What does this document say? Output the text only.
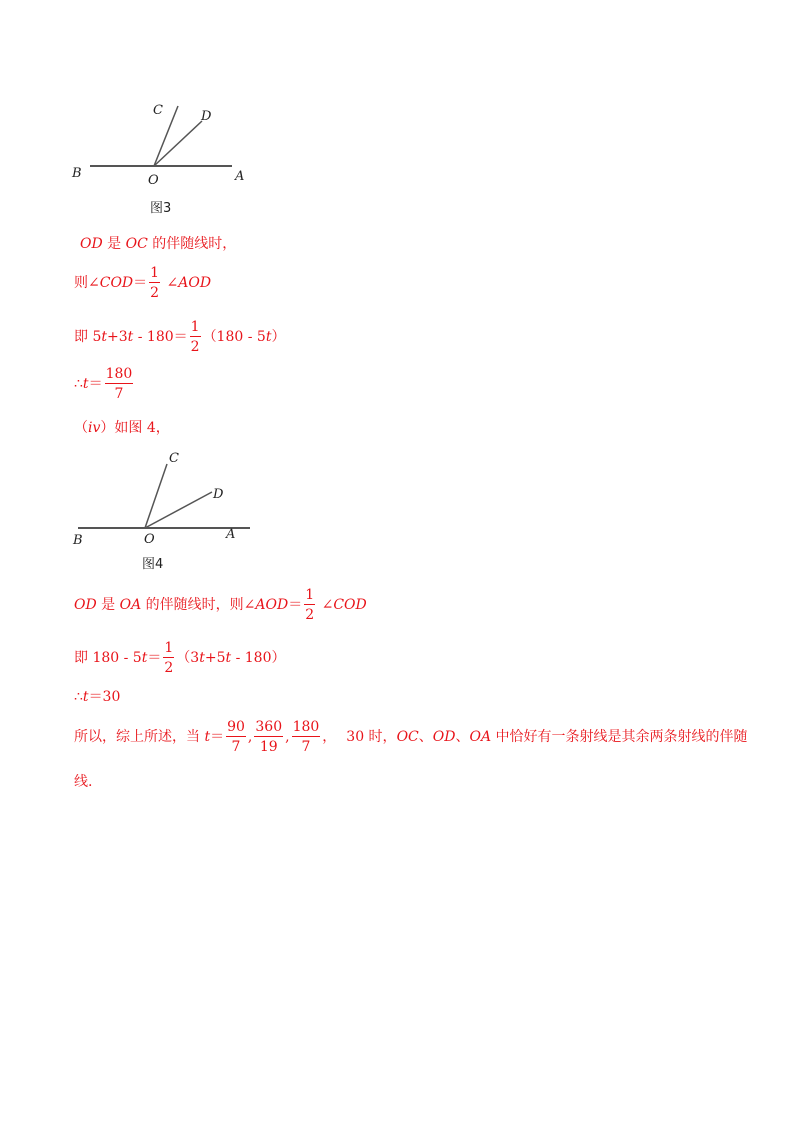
C	D
B	O	A
图3
OD 是 OC 的伴随线时，
则∠COD＝ $\frac{1}{2}$ ∠AOD
即 $5t+3t - 180= \frac{1}{2} (180 - 5t)$
∴t＝ $\frac{180}{7}$
（iv）如图 4，
C
D
B	O	A
图4
OD 是 OA 的伴随线时，则∠AOD＝ $\frac{1}{2}$ ∠COD
即 $180 - 5t= \frac{1}{2} (3t+5t - 180)$
∴t＝30
所以，综上所述，当 $t= \frac{90}{7}$ , $\frac{360}{19}$ , $\frac{180}{7}$ ， 30 时，OC、OD、OA 中恰好有一条射线是其余两条射线的伴随
线.
